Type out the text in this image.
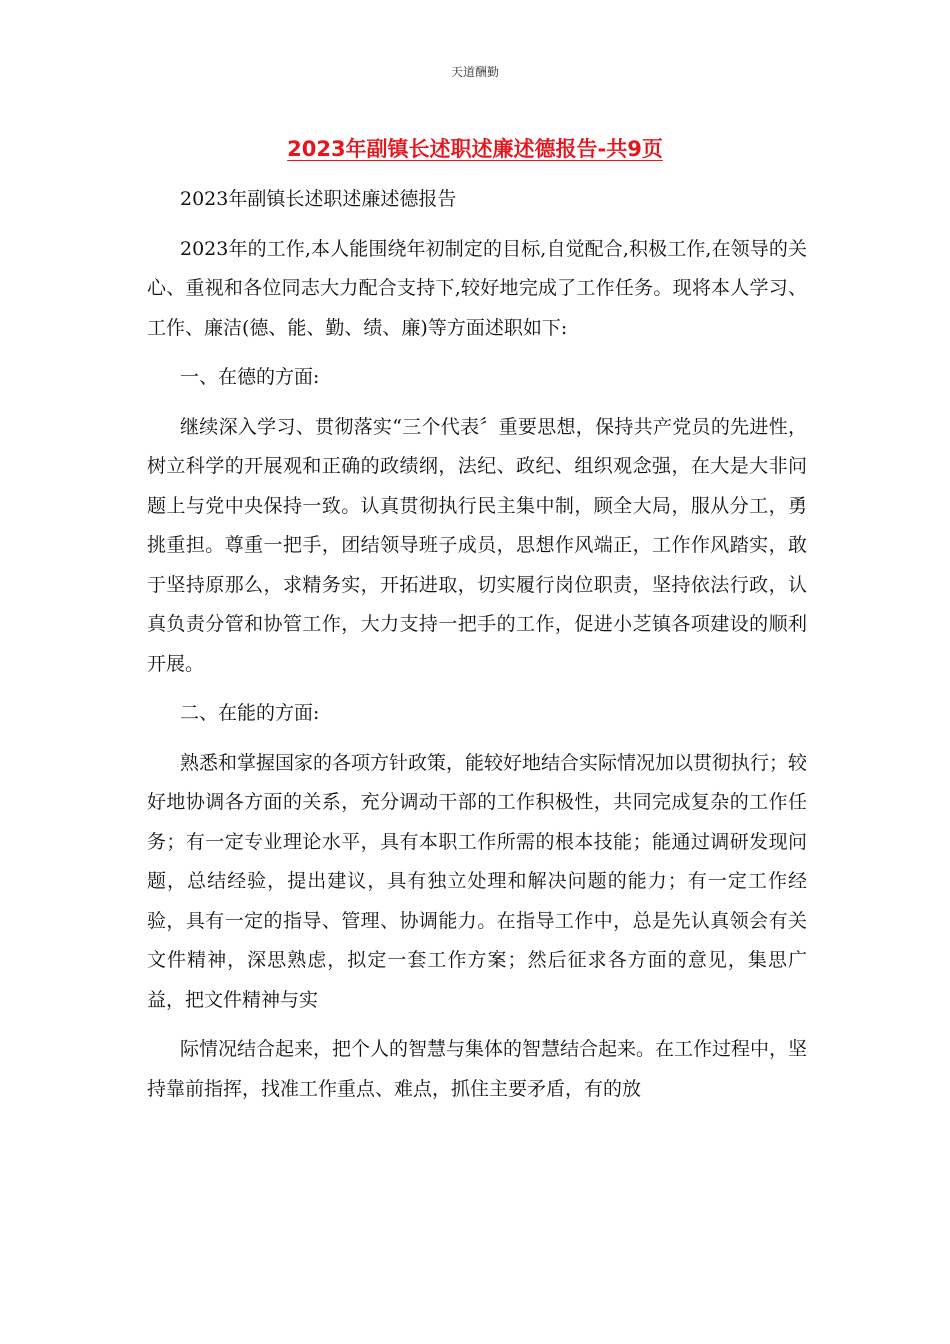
天道酬勤
2023年副镇长述职述廉述德报告-共9页

2023年副镇长述职述廉述德报告

2023年的工作,本人能围绕年初制定的目标,自觉配合,积极工作,在领导的关心、重视和各位同志大力配合支持下,较好地完成了工作任务。现将本人学习、工作、廉洁(德、能、勤、绩、廉)等方面述职如下:

一、在德的方面:

继续深入学习、贯彻落实“三个代表〞重要思想，保持共产党员的先进性，树立科学的开展观和正确的政绩纲，法纪、政纪、组织观念强，在大是大非问题上与党中央保持一致。认真贯彻执行民主集中制，顾全大局，服从分工，勇挑重担。尊重一把手，团结领导班子成员，思想作风端正，工作作风踏实，敢于坚持原那么，求精务实，开拓进取，切实履行岗位职责，坚持依法行政，认真负责分管和协管工作，大力支持一把手的工作，促进小芝镇各项建设的顺利开展。

二、在能的方面:

熟悉和掌握国家的各项方针政策，能较好地结合实际情况加以贯彻执行；较好地协调各方面的关系，充分调动干部的工作积极性，共同完成复杂的工作任务；有一定专业理论水平，具有本职工作所需的根本技能；能通过调研发现问题，总结经验，提出建议，具有独立处理和解决问题的能力；有一定工作经验，具有一定的指导、管理、协调能力。在指导工作中，总是先认真领会有关文件精神，深思熟虑，拟定一套工作方案；然后征求各方面的意见，集思广益，把文件精神与实

际情况结合起来，把个人的智慧与集体的智慧结合起来。在工作过程中，坚持靠前指挥，找准工作重点、难点，抓住主要矛盾，有的放
